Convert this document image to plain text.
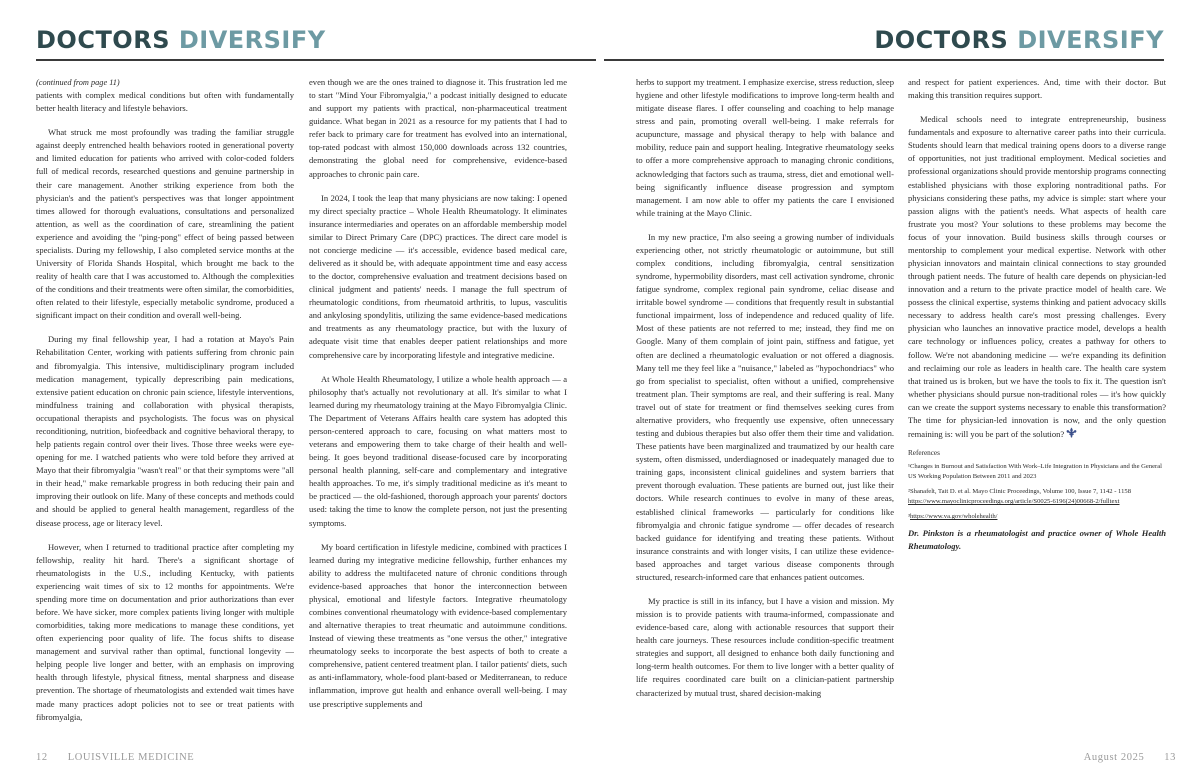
DOCTORS DIVERSIFY	DOCTORS DIVERSIFY

(continued from page 11)

patients with complex medical conditions but often with fundamentally better health literacy and lifestyle behaviors.

What struck me most profoundly was trading the familiar struggle against deeply entrenched health behaviors rooted in generational poverty and limited education for patients who arrived with color-coded folders full of medical records, researched questions and genuine partnership in their care management. Another striking experience from both the physician's and the patient's perspectives was that longer appointment times allowed for thorough evaluations, consultations and personalized attention, as well as the coordination of care, streamlining the patient experience and avoiding the "ping-pong" effect of being passed between specialists. During my fellowship, I also completed service months at the University of Florida Shands Hospital, which brought me back to the reality of health care that I was accustomed to. Although the complexities of the conditions and their treatments were often similar, the comorbidities, often related to their lifestyle, especially metabolic syndrome, produced a significant impact on their condition and overall well-being.

During my final fellowship year, I had a rotation at Mayo's Pain Rehabilitation Center, working with patients suffering from chronic pain and fibromyalgia. This intensive, multidisciplinary program included medication management, typically deprescribing pain medications, extensive patient education on chronic pain science, lifestyle interventions, mindfulness training and collaboration with physical therapists, occupational therapists and psychologists. The focus was on physical reconditioning, nutrition, biofeedback and cognitive behavioral therapy, to help patients regain control over their lives. Those three weeks were eye-opening for me. I watched patients who were told before they arrived at Mayo that their fibromyalgia "wasn't real" or that their symptoms were "all in their head," make remarkable progress in both reducing their pain and improving their outlook on life. Many of these concepts and methods could and should be applied to general health management, regardless of the disease process, age or literacy level.

However, when I returned to traditional practice after completing my fellowship, reality hit hard. There's a significant shortage of rheumatologists in the U.S., including Kentucky, with patients experiencing wait times of six to 12 months for appointments. We're spending more time on documentation and prior authorizations than ever before. We have sicker, more complex patients living longer with multiple comorbidities, taking more medications to manage these conditions, yet often experiencing poor quality of life. The focus shifts to disease management and survival rather than optimal, functional longevity — helping people live longer and better, with an emphasis on improving health through lifestyle, physical fitness, mental sharpness and disease prevention. The shortage of rheumatologists and extended wait times have made many practices adopt policies not to see or treat patients with fibromyalgia,

even though we are the ones trained to diagnose it. This frustration led me to start "Mind Your Fibromyalgia," a podcast initially designed to educate and support my patients with practical, non-pharmaceutical treatment guidance. What began in 2021 as a resource for my patients that I had to refer back to primary care for treatment has evolved into an international, top-rated podcast with almost 150,000 downloads across 132 countries, demonstrating the global need for comprehensive, evidence-based approaches to chronic pain care.

In 2024, I took the leap that many physicians are now taking: I opened my direct specialty practice – Whole Health Rheumatology. It eliminates insurance intermediaries and operates on an affordable membership model similar to Direct Primary Care (DPC) practices. The direct care model is not concierge medicine — it's accessible, evidence based medical care, delivered as it should be, with adequate appointment time and easy access to the doctor, comprehensive evaluation and treatment decisions based on clinical judgment and patients' needs. I manage the full spectrum of rheumatologic conditions, from rheumatoid arthritis, to lupus, vasculitis and ankylosing spondylitis, utilizing the same evidence-based medications and treatments as any rheumatology practice, but with the luxury of adequate visit time that enables deeper patient relationships and more comprehensive care by incorporating lifestyle and integrative medicine.

At Whole Health Rheumatology, I utilize a whole health approach — a philosophy that's actually not revolutionary at all. It's similar to what I learned during my rheumatology training at the Mayo Fibromyalgia Clinic. The Department of Veterans Affairs health care system has adopted this person-centered approach to care, focusing on what matters most to veterans and empowering them to take charge of their health and well-being. It goes beyond traditional disease-focused care by incorporating personal health planning, self-care and complementary and integrative health approaches. To me, it's simply traditional medicine as it's meant to be practiced — the old-fashioned, thorough approach your parents' doctors used: taking the time to know the complete person, not just the presenting symptoms.

My board certification in lifestyle medicine, combined with practices I learned during my integrative medicine fellowship, further enhances my ability to address the multifaceted nature of chronic conditions through evidence-based approaches that honor the interconnection between physical, emotional and lifestyle factors. Integrative rheumatology combines conventional rheumatology with evidence-based complementary and alternative therapies to treat rheumatic and autoimmune conditions. Instead of viewing these treatments as "one versus the other," integrative rheumatology seeks to incorporate the best aspects of both to create a comprehensive, patient centered treatment plan. I tailor patients' diets, such as anti-inflammatory, whole-food plant-based or Mediterranean, to reduce inflammation, improve gut health and enhance overall well-being. I may use prescriptive supplements and

herbs to support my treatment. I emphasize exercise, stress reduction, sleep hygiene and other lifestyle modifications to improve long-term health and mitigate disease flares. I offer counseling and coaching to help manage stress and pain, promoting overall well-being. I make referrals for acupuncture, massage and physical therapy to help with balance and mobility, reduce pain and support healing. Integrative rheumatology seeks to offer a more comprehensive approach to managing chronic conditions, acknowledging that factors such as trauma, stress, diet and emotional well-being significantly influence disease progression and symptom management. I am now able to offer my patients the care I envisioned while training at the Mayo Clinic.

In my new practice, I'm also seeing a growing number of individuals experiencing other, not strictly rheumatologic or autoimmune, but still complex conditions, including fibromyalgia, central sensitization syndrome, hypermobility disorders, mast cell activation syndrome, chronic fatigue syndrome, complex regional pain syndrome, celiac disease and irritable bowel syndrome — conditions that frequently result in substantial functional impairment, loss of independence and reduced quality of life. Most of these patients are not referred to me; instead, they find me on Google. Many of them complain of joint pain, stiffness and fatigue, yet often are declined a rheumatologic evaluation or not offered a diagnosis. Many tell me they feel like a "nuisance," labeled as "hypochondriacs" who go from specialist to specialist, often without a unified, comprehensive treatment plan. Their symptoms are real, and their suffering is real. Many travel out of state for treatment or find themselves seeking cures from alternative providers, who frequently use expensive, often unnecessary testing and dubious therapies but also offer them their time and validation. These patients have been marginalized and traumatized by our health care system, often dismissed, underdiagnosed or inadequately managed due to training gaps, inconsistent clinical guidelines and system barriers that prevent thorough evaluation. These patients are burned out, just like their doctors. While research continues to evolve in many of these areas, established clinical frameworks — particularly for conditions like fibromyalgia and chronic fatigue syndrome — offer decades of research backed guidance for identifying and treating these patients. Without insurance constraints and with longer visits, I can utilize these evidence-based approaches and target various disease components through structured, research-informed care that enhances patient outcomes.

My practice is still in its infancy, but I have a vision and mission. My mission is to provide patients with trauma-informed, compassionate and evidence-based care, along with actionable resources that support their health care journeys. These resources include condition-specific treatment strategies and support, all designed to enhance both daily functioning and long-term health outcomes. For them to live longer with a better quality of life requires coordinated care built on a clinician-patient partnership characterized by mutual trust, shared decision-making

and respect for patient experiences. And, time with their doctor. But making this transition requires support.

Medical schools need to integrate entrepreneurship, business fundamentals and exposure to alternative career paths into their curricula. Students should learn that medical training opens doors to a diverse range of opportunities, not just traditional employment. Medical societies and professional organizations should provide mentorship programs connecting established physicians with those exploring nontraditional paths. For physicians considering these paths, my advice is simple: start where your passion aligns with the patient's needs. What aspects of health care frustrate you most? Your solutions to these problems may become the focus of your innovation. Build business skills through courses or mentorship to complement your medical expertise. Network with other physician innovators and maintain clinical connections to stay grounded through patient needs. The future of health care depends on physician-led innovation and a return to the private practice model of health care. We possess the clinical expertise, systems thinking and patient advocacy skills necessary to address health care's most pressing challenges. Every physician who launches an innovative practice model, develops a health care technology or influences policy, creates a pathway for others to follow. We're not abandoning medicine — we're expanding its definition and reclaiming our role as leaders in health care. The health care system that trained us is broken, but we have the tools to fix it. The question isn't whether physicians should pursue non-traditional roles — it's how quickly can we create the support systems necessary to enable this transformation? The time for physician-led innovation is now, and the only question remaining is: will you be part of the solution?

References
¹Changes in Burnout and Satisfaction With Work–Life Integration in Physicians and the General US Working Population Between 2011 and 2023
²Shanafelt, Tait D. et al. Mayo Clinic Proceedings, Volume 100, Issue 7, 1142 - 1158
https://www.mayoclinicproceedings.org/article/S0025-6196(24)00668-2/fulltext
³https://www.va.gov/wholehealth/

Dr. Pinkston is a rheumatologist and practice owner of Whole Health Rheumatology.

12 LOUISVILLE MEDICINE	August 2025 13
